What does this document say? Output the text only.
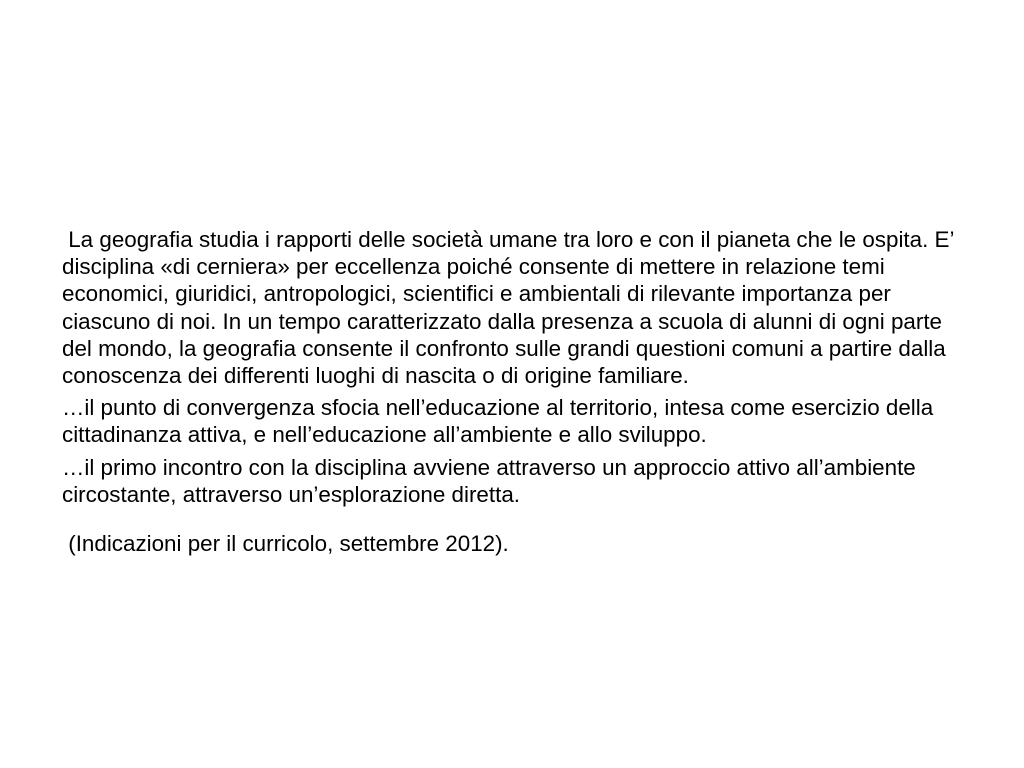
La geografia studia i rapporti delle società umane tra loro e con il pianeta che le ospita. E’ disciplina «di cerniera» per eccellenza poiché consente di mettere in relazione temi economici, giuridici, antropologici, scientifici e ambientali di rilevante importanza per ciascuno di noi. In un tempo caratterizzato dalla presenza a scuola di alunni di ogni parte del mondo, la geografia consente il confronto sulle grandi questioni comuni a partire dalla conoscenza dei differenti luoghi di nascita o di origine familiare.

…il punto di convergenza sfocia nell’educazione al territorio, intesa come esercizio della cittadinanza attiva, e nell’educazione all’ambiente e allo sviluppo.

…il primo incontro con la disciplina avviene attraverso un approccio attivo all’ambiente circostante, attraverso un’esplorazione diretta.

(Indicazioni per il curricolo, settembre 2012).
